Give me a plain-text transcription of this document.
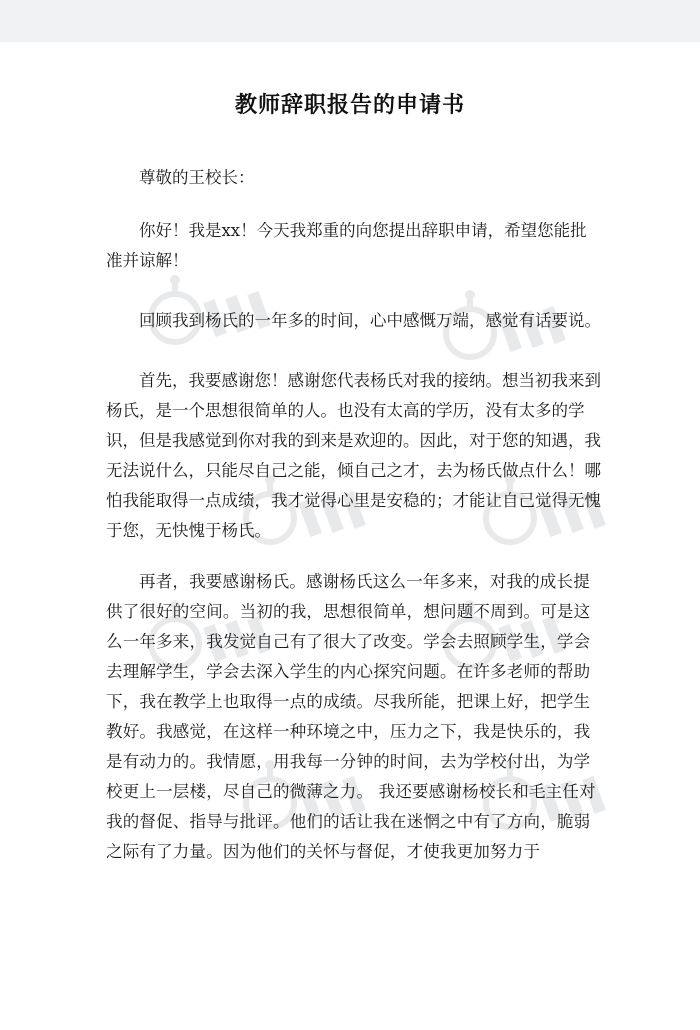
教师辞职报告的申请书

尊敬的王校长：

你好！我是xx！今天我郑重的向您提出辞职申请，希望您能批准并谅解！

回顾我到杨氏的一年多的时间，心中感慨万端，感觉有话要说。

首先，我要感谢您！感谢您代表杨氏对我的接纳。想当初我来到杨氏，是一个思想很简单的人。也没有太高的学历，没有太多的学识，但是我感觉到你对我的到来是欢迎的。因此，对于您的知遇，我无法说什么，只能尽自己之能，倾自己之才，去为杨氏做点什么！哪怕我能取得一点成绩，我才觉得心里是安稳的；才能让自己觉得无愧于您，无快愧于杨氏。

再者，我要感谢杨氏。感谢杨氏这么一年多来，对我的成长提供了很好的空间。当初的我，思想很简单，想问题不周到。可是这么一年多来，我发觉自己有了很大了改变。学会去照顾学生，学会去理解学生，学会去深入学生的内心探究问题。在许多老师的帮助下，我在教学上也取得一点的成绩。尽我所能，把课上好，把学生教好。我感觉，在这样一种环境之中，压力之下，我是快乐的，我是有动力的。我情愿，用我每一分钟的时间，去为学校付出，为学校更上一层楼，尽自己的微薄之力。 我还要感谢杨校长和毛主任对我的督促、指导与批评。他们的话让我在迷惘之中有了方向，脆弱之际有了力量。因为他们的关怀与督促，才使我更加努力于
